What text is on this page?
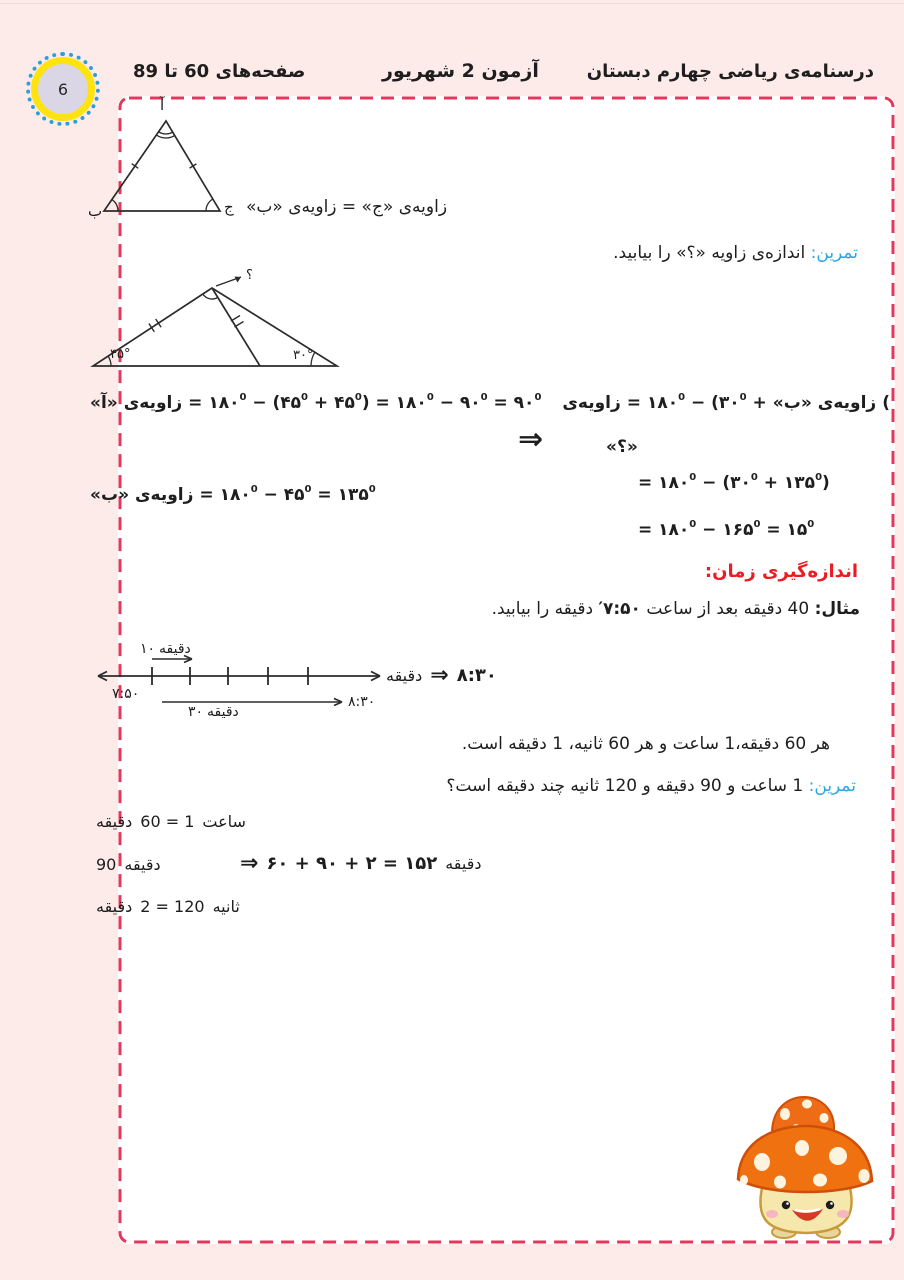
درسنامه‌ی ریاضی چهارم دبستان
آزمون 2 شهریور
صفحه‌های 60 تا 89
6
آ
ب	ج زاویه‌ی «ج» = زاویه‌ی «ب»
تمرین: اندازه‌ی زاویه «؟» را بیابید.
۴۵°	۳۰°
؟
زاویه‌ی «آ» = $۱۸۰^0$ − ($۴۵^0$ + $۴۵^0$) = $۱۸۰^0$ − $۹۰^0$ = $۹۰^0$ زاویه‌ی = $۱۸۰^0$ − ($۳۰^0$ + زاویه‌ی «ب» (
⇒	«؟»
= $۱۸۰^0$ − ($۳۰^0$ + $۱۳۵^0$)
زاویه‌ی «ب» = $۱۸۰^0$ − $۴۵^0$ = $۱۳۵^0$
= $۱۸۰^0$ − $۱۶۵^0$ = $۱۵^0$
اندازه‌گیری زمان:
مثال: 40 دقیقه بعد از ساعت ۷:۵۰′ دقیقه را بیابید.
۱۰ دقیقه
۷:۵۰	۸:۳۰
۳۰ دقیقه
دقیقه ⇒ ۸:۳۰
هر 60 دقیقه،1 ساعت و هر 60 ثانیه، 1 دقیقه است.
تمرین: 1 ساعت و 90 دقیقه و 120 ثانیه چند دقیقه است؟
دقیقه 60 = 1 ساعت
90 دقیقه	⇒ ۶۰ + ۹۰ + ۲ = ۱۵۲ دقیقه
دقیقه 2 = 120 ثانیه
